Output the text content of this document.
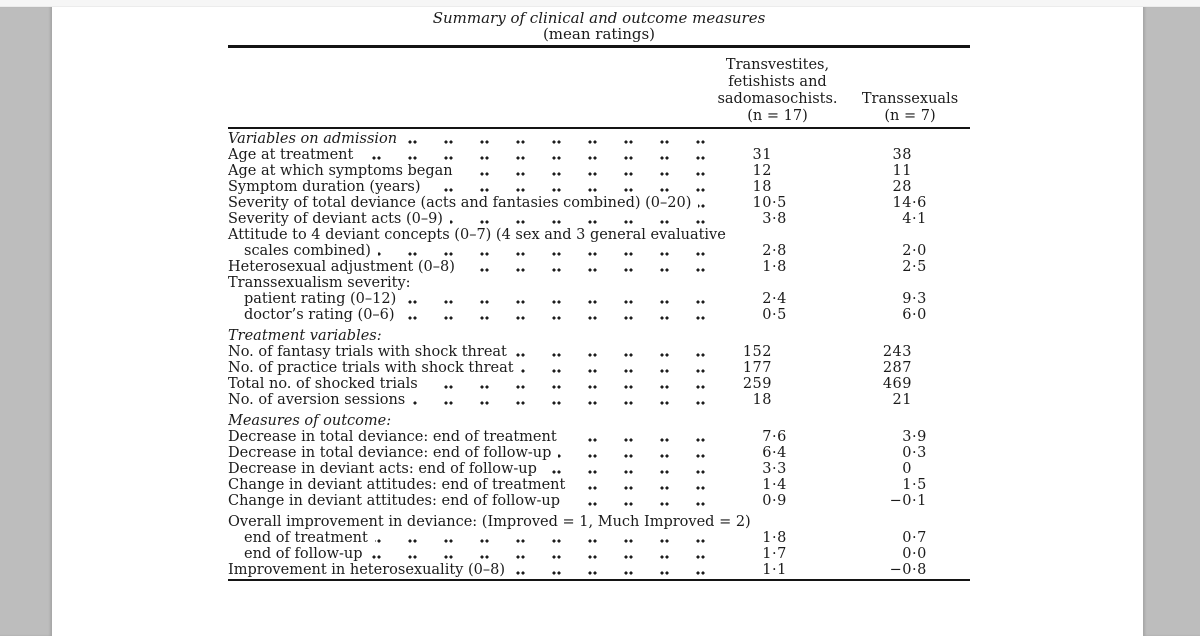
Summary of clinical and outcome measures
(mean ratings)
Transvestites,
fetishists and
sadomasochists.
(n = 17)
Transsexuals
(n = 7)
Variables on admission
Age at treatment	31	38
Age at which symptoms began	12	11
Symptom duration (years)	18	28
Severity of total deviance (acts and fantasies combined) (0–20)	10 ·5	14 ·6
Severity of deviant acts (0–9)	3 ·8	4 ·1
Attitude to 4 deviant concepts (0–7) (4 sex and 3 general evaluative
scales combined)	2 ·8	2 ·0
Heterosexual adjustment (0–8)	1 ·8	2 ·5
Transsexualism severity:
patient rating (0–12)	2 ·4	9 ·3
doctor’s rating (0–6)	0 ·5	6 ·0
Treatment variables:
No. of fantasy trials with shock threat	152	243
No. of practice trials with shock threat	177	287
Total no. of shocked trials	259	469
No. of aversion sessions	18	21
Measures of outcome:
Decrease in total deviance: end of treatment	7 ·6	3 ·9
Decrease in total deviance: end of follow-up	6 ·4	0 ·3
Decrease in deviant acts: end of follow-up	3 ·3	0
Change in deviant attitudes: end of treatment	1 ·4	1 ·5
Change in deviant attitudes: end of follow-up	0 ·9	−0 ·1
Overall improvement in deviance: (Improved = 1, Much Improved = 2)
end of treatment	1 ·8	0 ·7
end of follow-up	1 ·7	0 ·0
Improvement in heterosexuality (0–8)	1 ·1	−0 ·8
